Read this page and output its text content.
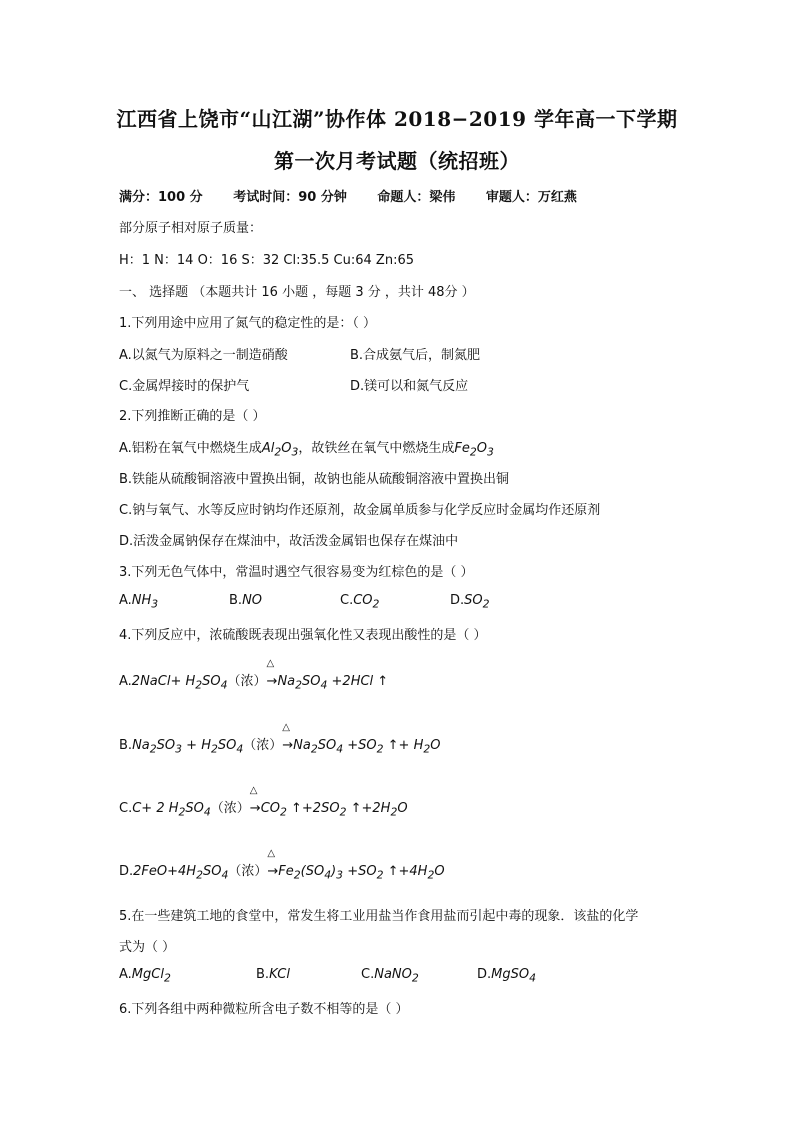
江西省上饶市“山江湖”协作体 2018−2019 学年高一下学期
第一次月考试题（统招班）
满分：100 分 考试时间：90 分钟 命题人：梁伟 审题人：万红燕
部分原子相对原子质量：
H：1 N：14 O：16 S：32 Cl:35.5 Cu:64 Zn:65
一、 选择题 （本题共计 16 小题 ，每题 3 分 ，共计 48分 ）
1.下列用途中应用了氮气的稳定性的是：（ ）
A.以氮气为原料之一制造硝酸	B.合成氨气后，制氮肥
C.金属焊接时的保护气	D.镁可以和氮气反应
2.下列推断正确的是（ ）
A.铝粉在氧气中燃烧生成$Al_2O_3$，故铁丝在氧气中燃烧生成$Fe_2O_3$
B.铁能从硫酸铜溶液中置换出铜，故钠也能从硫酸铜溶液中置换出铜
C.钠与氧气、水等反应时钠均作还原剂，故金属单质参与化学反应时金属均作还原剂
D.活泼金属钠保存在煤油中，故活泼金属铝也保存在煤油中
3.下列无色气体中，常温时遇空气很容易变为红棕色的是（ ）
$A.NH_3$	B.NO	$C.CO_2$	$D.SO_2$
4.下列反应中，浓硫酸既表现出强氧化性又表现出酸性的是（ ）
A.2NaCl+ $H_2SO_4$（浓）
△
$\to Na_2SO_4 +2HCl$ ↑
$B.Na_2SO_3 + H_2SO_4$（浓）
△
$\to Na_2SO_4 +SO_2$ ↑+ $H_2O$
C.C+ 2 $H_2SO_4$（浓）
△
$\to CO_2$ $↑+2SO_2$ $↑+2H_2O$
$D.2FeO+4H_2SO_4$（浓）
△
$\to Fe_2(SO_4)_3 +SO_2$ $↑+4H_2O$
5.在一些建筑工地的食堂中，常发生将工业用盐当作食用盐而引起中毒的现象．该盐的化学
式为（ ）
A.MgCl$_2$	B.KCl	C.NaNO$_2$	D.MgSO$_4$
6.下列各组中两种微粒所含电子数不相等的是（ ）
